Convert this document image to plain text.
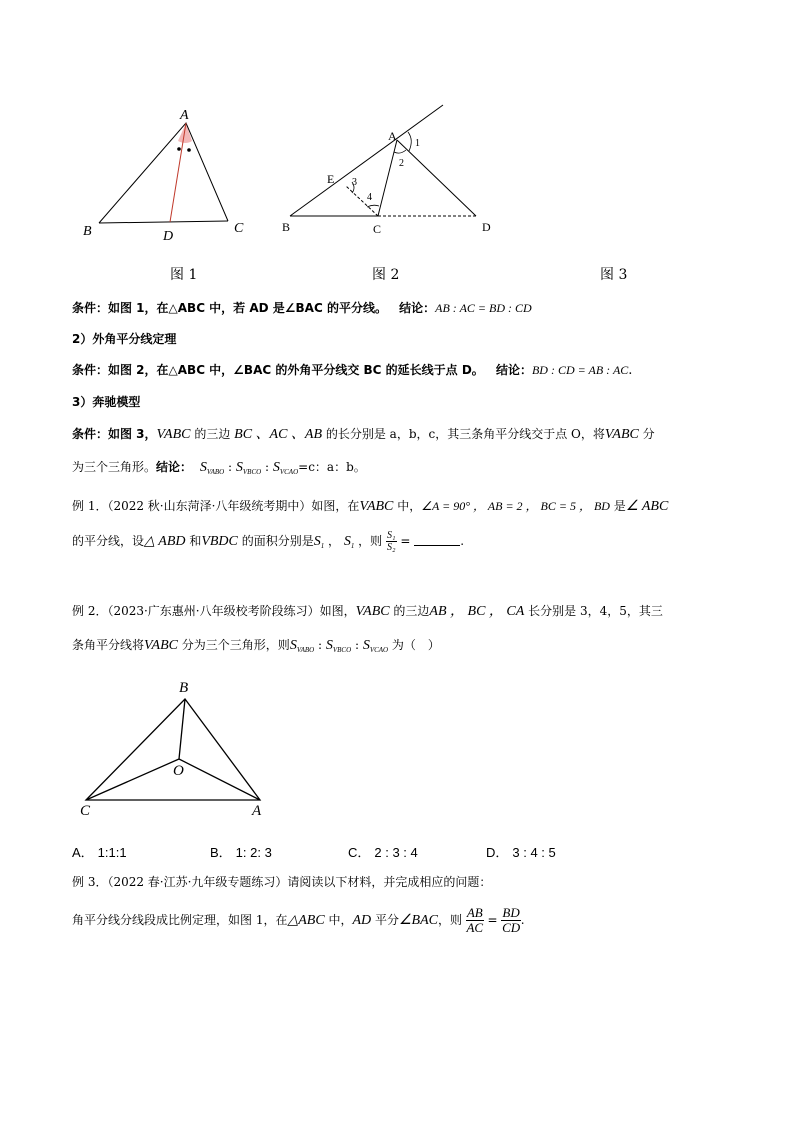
A
B	C
D
A
E
B	C	D
1
2
3
4
图 1	图 2	图 3
条件：如图 1，在△ABC 中，若 AD 是∠BAC 的平分线。 结论：AB : AC = BD : CD
2）外角平分线定理
条件：如图 2，在△ABC 中，∠BAC 的外角平分线交 BC 的延长线于点 D。 结论：BD : CD = AB : AC.
3）奔驰模型
条件：如图 3，VABC 的三边 BC 、AC 、AB 的长分别是 a，b，c，其三条角平分线交于点 O，将VABC 分
为三个三角形。结论： $S_{VABO}$ : $S_{VBCO}$ : $S_{VCAO}=c$：a：b。
例 1．（2022 秋·山东菏泽·八年级统考期中）如图，在VABC 中，∠A = 90° ， AB = 2 ， BC = 5 ， BD 是∠ ABC
的平分线，设△ ABD 和VBDC 的面积分别是$S_1$ ， $S_1$ ，则 $\frac{\text{S₁}}{\text{S₂}}$ =	.
例 2．（2023·广东惠州·八年级校考阶段练习）如图，VABC 的三边AB ， BC ， CA 长分别是 3，4，5，其三
条角平分线将VABC 分为三个三角形，则$S_{VABO}$ : $S_{VBCO}$ : $S_{VCAO}$ 为（　）
B
O
C	A
A． 1:1:1	B． 1: 2: 3	C． 2 : 3 : 4	D． 3 : 4 : 5
例 3．（2022 春·江苏·九年级专题练习）请阅读以下材料，并完成相应的问题：
角平分线分线段成比例定理，如图 1，在△ABC 中，AD 平分∠BAC，则 $\frac{AB}{AC} = \frac{BD}{CD}$ .
